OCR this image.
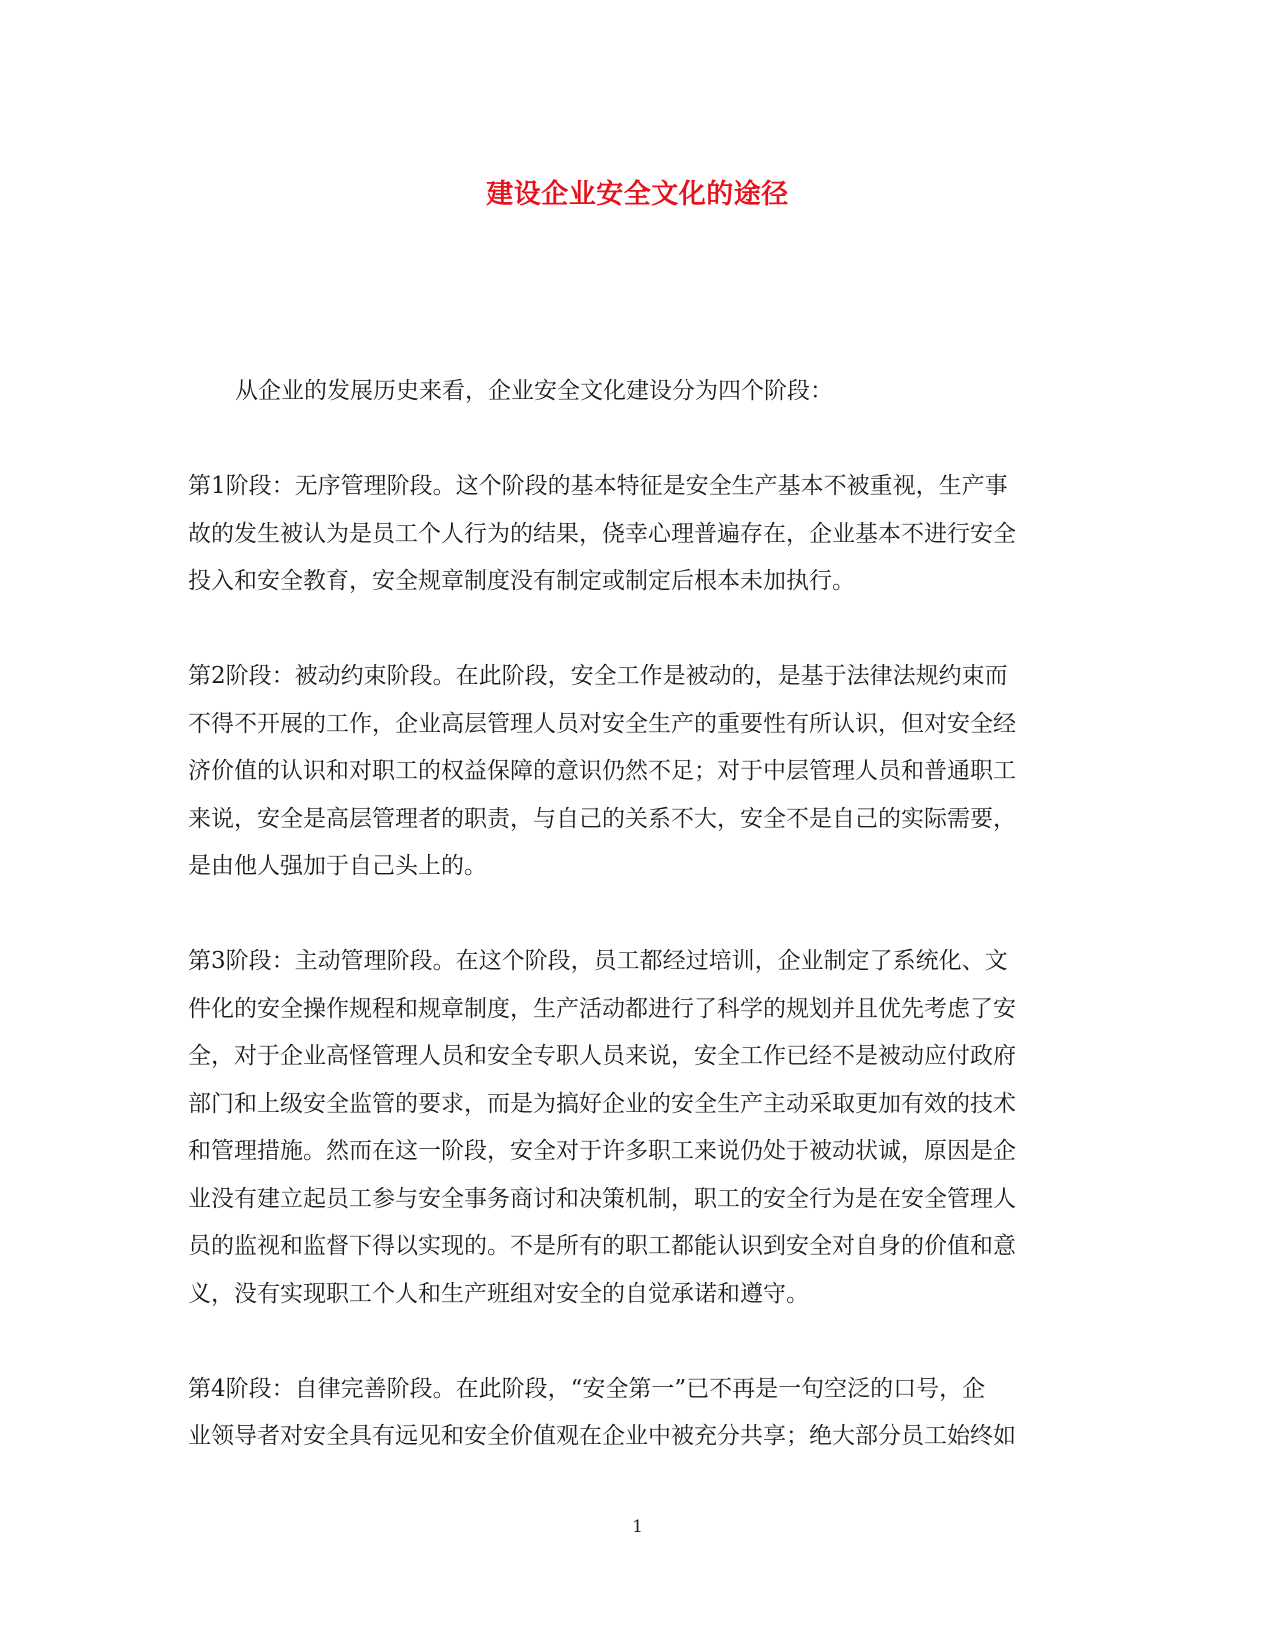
建设企业安全文化的途径
从企业的发展历史来看，企业安全文化建设分为四个阶段：
第1阶段：无序管理阶段。这个阶段的基本特征是安全生产基本不被重视，生产事
故的发生被认为是员工个人行为的结果，侥幸心理普遍存在，企业基本不进行安全
投入和安全教育，安全规章制度没有制定或制定后根本未加执行。
第2阶段：被动约束阶段。在此阶段，安全工作是被动的，是基于法律法规约束而
不得不开展的工作，企业高层管理人员对安全生产的重要性有所认识，但对安全经
济价值的认识和对职工的权益保障的意识仍然不足；对于中层管理人员和普通职工
来说，安全是高层管理者的职责，与自己的关系不大，安全不是自己的实际需要，
是由他人强加于自己头上的。
第3阶段：主动管理阶段。在这个阶段，员工都经过培训，企业制定了系统化、文
件化的安全操作规程和规章制度，生产活动都进行了科学的规划并且优先考虑了安
全，对于企业高怪管理人员和安全专职人员来说，安全工作已经不是被动应付政府
部门和上级安全监管的要求，而是为搞好企业的安全生产主动采取更加有效的技术
和管理措施。然而在这一阶段，安全对于许多职工来说仍处于被动状诚，原因是企
业没有建立起员工参与安全事务商讨和决策机制，职工的安全行为是在安全管理人
员的监视和监督下得以实现的。不是所有的职工都能认识到安全对自身的价值和意
义，没有实现职工个人和生产班组对安全的自觉承诺和遵守。
第4阶段：自律完善阶段。在此阶段，“安全第一”已不再是一句空泛的口号，企
业领导者对安全具有远见和安全价值观在企业中被充分共享；绝大部分员工始终如
1
